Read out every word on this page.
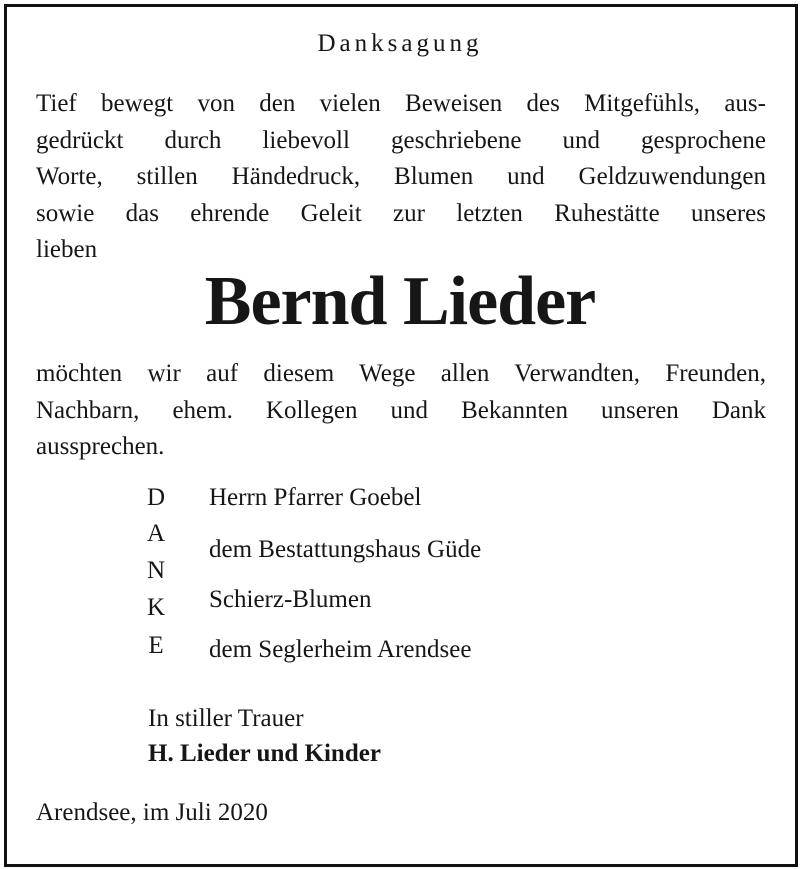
Danksagung
Tief bewegt von den vielen Beweisen des Mitgefühls, aus-
gedrückt durch liebevoll geschriebene und gesprochene
Worte, stillen Händedruck, Blumen und Geldzuwendungen
sowie das ehrende Geleit zur letzten Ruhestätte unseres
lieben
Bernd Lieder
möchten wir auf diesem Wege allen Verwandten, Freunden,
Nachbarn, ehem. Kollegen und Bekannten unseren Dank
aussprechen.
D
A
N
K
E
Herrn Pfarrer Goebel
dem Bestattungshaus Güde
Schierz-Blumen
dem Seglerheim Arendsee
In stiller Trauer
H. Lieder und Kinder
Arendsee, im Juli 2020
